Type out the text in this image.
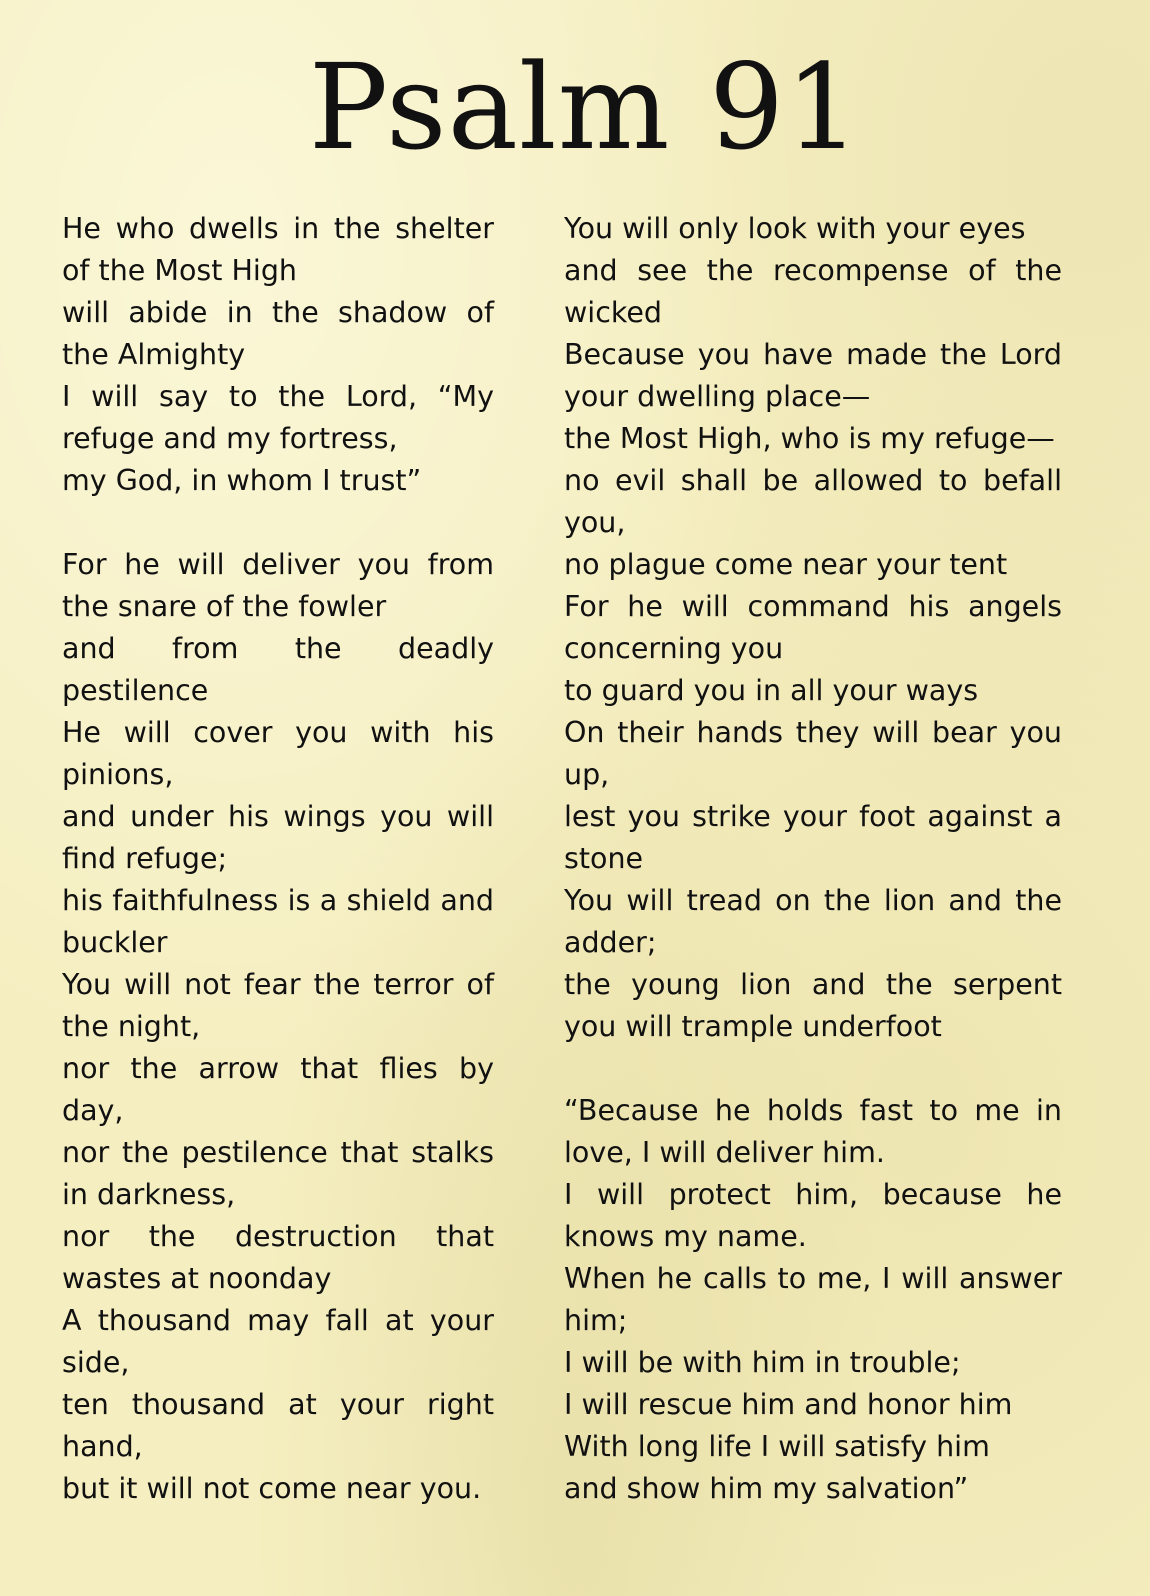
Psalm 91

He who dwells in the shelter of the Most High

will abide in the shadow of the Almighty

I will say to the Lord, “My refuge and my fortress,

my God, in whom I trust”

For he will deliver you from the snare of the fowler

and from the deadly pestilence

He will cover you with his pinions,

and under his wings you will find refuge;

his faithfulness is a shield and buckler

You will not fear the terror of the night,

nor the arrow that flies by day,

nor the pestilence that stalks in darkness,

nor the destruction that wastes at noonday

A thousand may fall at your side,

ten thousand at your right hand,

but it will not come near you.

You will only look with your eyes

and see the recompense of the wicked

Because you have made the Lord your dwelling place—

the Most High, who is my refuge—

no evil shall be allowed to befall you,

no plague come near your tent

For he will command his angels concerning you

to guard you in all your ways

On their hands they will bear you up,

lest you strike your foot against a stone

You will tread on the lion and the adder;

the young lion and the serpent you will trample underfoot

“Because he holds fast to me in love, I will deliver him.

I will protect him, because he knows my name.

When he calls to me, I will answer him;

I will be with him in trouble;

I will rescue him and honor him

With long life I will satisfy him

and show him my salvation”
